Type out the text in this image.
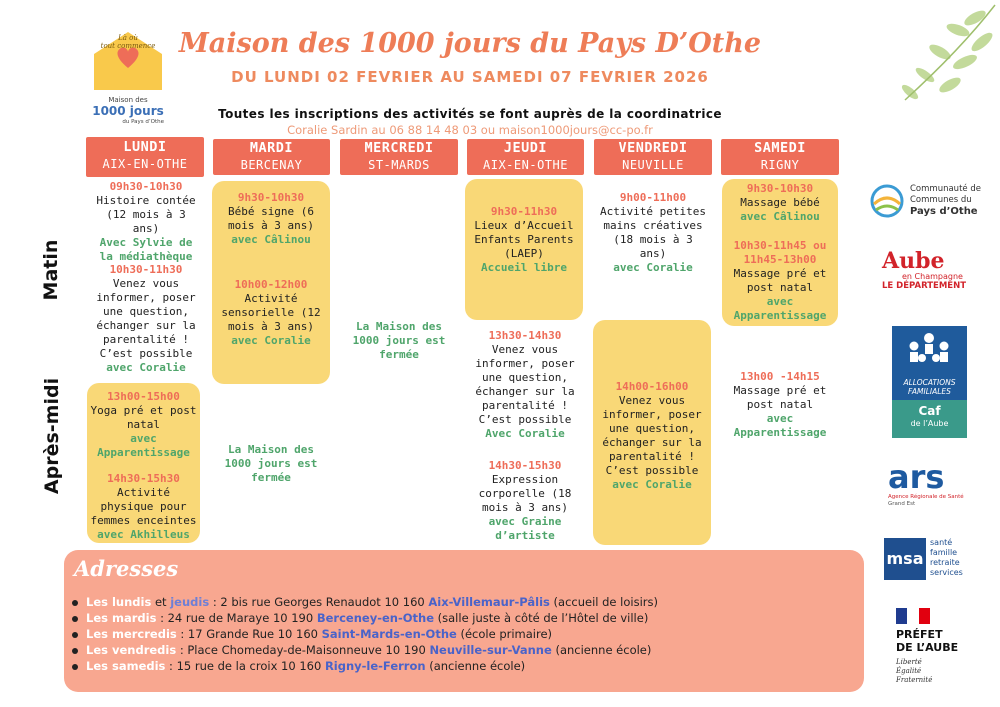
Là où
tout commence
Maison des
1000 jours
du Pays d’Othe
Maison des 1000 jours du Pays D’Othe
DU LUNDI 02 FEVRIER AU SAMEDI 07 FEVRIER 2026
Toutes les inscriptions des activités se font auprès de la coordinatrice
Coralie Sardin au 06 88 14 48 03 ou maison1000jours@cc-po.fr
LUNDI
AIX-EN-OTHE
MARDI
BERCENAY
MERCREDI
ST-MARDS
JEUDI
AIX-EN-OTHE
VENDREDI
NEUVILLE
SAMEDI
RIGNY
Matin
Après-midi
09h30-10h30
Histoire contée (12 mois à 3 ans)
Avec Sylvie de la médiathèque
10h30-11h30
Venez vous informer, poser une question, échanger sur la parentalité ! C’est possible
avec Coralie
13h00-15h00
Yoga pré et post natal
avec Apparentissage
14h30-15h30
Activité physique pour femmes enceintes
avec Akhilleus
9h30-10h30
Bébé signe (6 mois à 3 ans)
avec Câlinou
10h00-12h00
Activité sensorielle (12 mois à 3 ans)
avec Coralie
La Maison des 1000 jours est fermée
La Maison des 1000 jours est fermée
9h30-11h30
Lieux d’Accueil Enfants Parents (LAEP)
Accueil libre
13h30-14h30
Venez vous informer, poser une question, échanger sur la parentalité ! C’est possible
Avec Coralie
14h30-15h30
Expression corporelle (18 mois à 3 ans)
avec Graine d’artiste
9h00-11h00
Activité petites mains créatives (18 mois à 3 ans)
avec Coralie
14h00-16h00
Venez vous informer, poser une question, échanger sur la parentalité ! C’est possible
avec Coralie
9h30-10h30
Massage bébé
avec Câlinou
10h30-11h45 ou 11h45-13h00
Massage pré et post natal
avec Apparentissage
13h00 -14h15
Massage pré et post natal
avec Apparentissage
Adresses
Les lundis et jeudis : 2 bis rue Georges Renaudot 10 160 Aix-Villemaur-Pâlis (accueil de loisirs)
Les mardis : 24 rue de Maraye 10 190 Berceney-en-Othe (salle juste à côté de l’Hôtel de ville)
Les mercredis : 17 Grande Rue 10 160 Saint-Mards-en-Othe (école primaire)
Les vendredis : Place Chomeday-de-Maisonneuve 10 190 Neuville-sur-Vanne (ancienne école)
Les samedis : 15 rue de la croix 10 160 Rigny-le-Ferron (ancienne école)
Communauté de
Communes du
Pays d’Othe
Aube
en Champagne
LE DÉPARTEMENT
ALLOCATIONS
FAMILIALES
Caf
de l’Aube
ars
Agence Régionale de Santé
Grand Est
msa
santé
famille
retraite
services
PRÉFET
DE L’AUBE
Liberté
Égalité
Fraternité
